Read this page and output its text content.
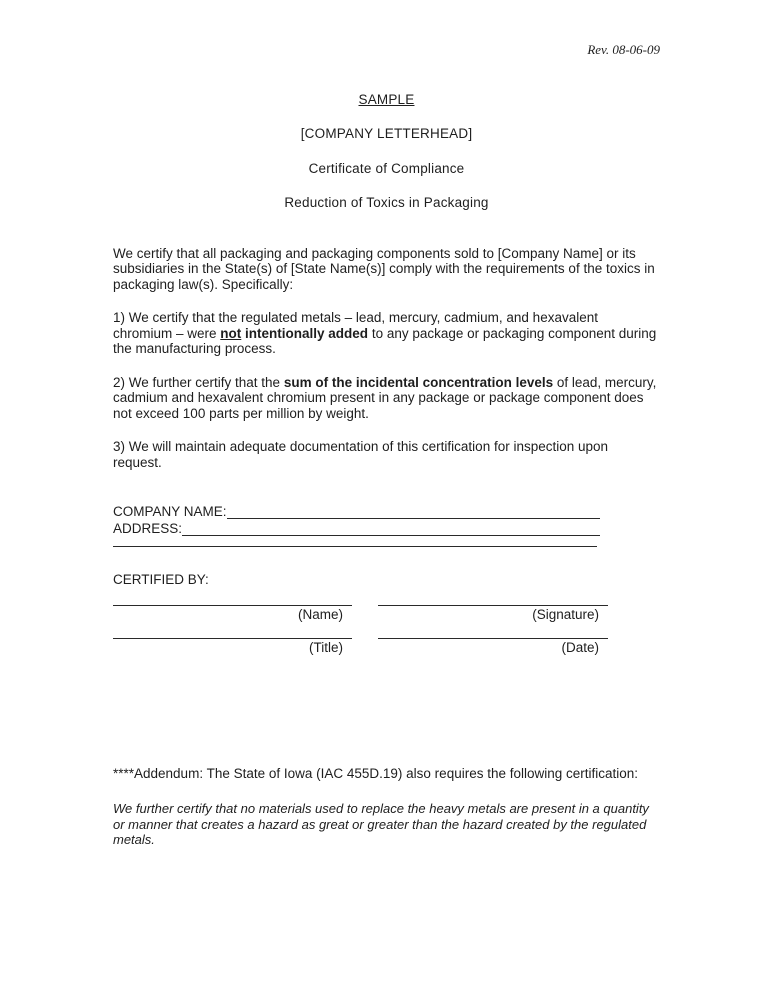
Rev. 08-06-09
SAMPLE
[COMPANY LETTERHEAD]
Certificate of Compliance
Reduction of Toxics in Packaging

We certify that all packaging and packaging components sold to [Company Name] or its subsidiaries in the State(s) of [State Name(s)] comply with the requirements of the toxics in packaging law(s). Specifically:

1) We certify that the regulated metals – lead, mercury, cadmium, and hexavalent chromium – were not intentionally added to any package or packaging component during the manufacturing process.

2) We further certify that the sum of the incidental concentration levels of lead, mercury, cadmium and hexavalent chromium present in any package or package component does not exceed 100 parts per million by weight.

3) We will maintain adequate documentation of this certification for inspection upon request.

COMPANY NAME:
ADDRESS:
CERTIFIED BY:
(Name)	(Signature)
(Title)	(Date)
****Addendum: The State of Iowa (IAC 455D.19) also requires the following certification:

We further certify that no materials used to replace the heavy metals are present in a quantity or manner that creates a hazard as great or greater than the hazard created by the regulated metals.
